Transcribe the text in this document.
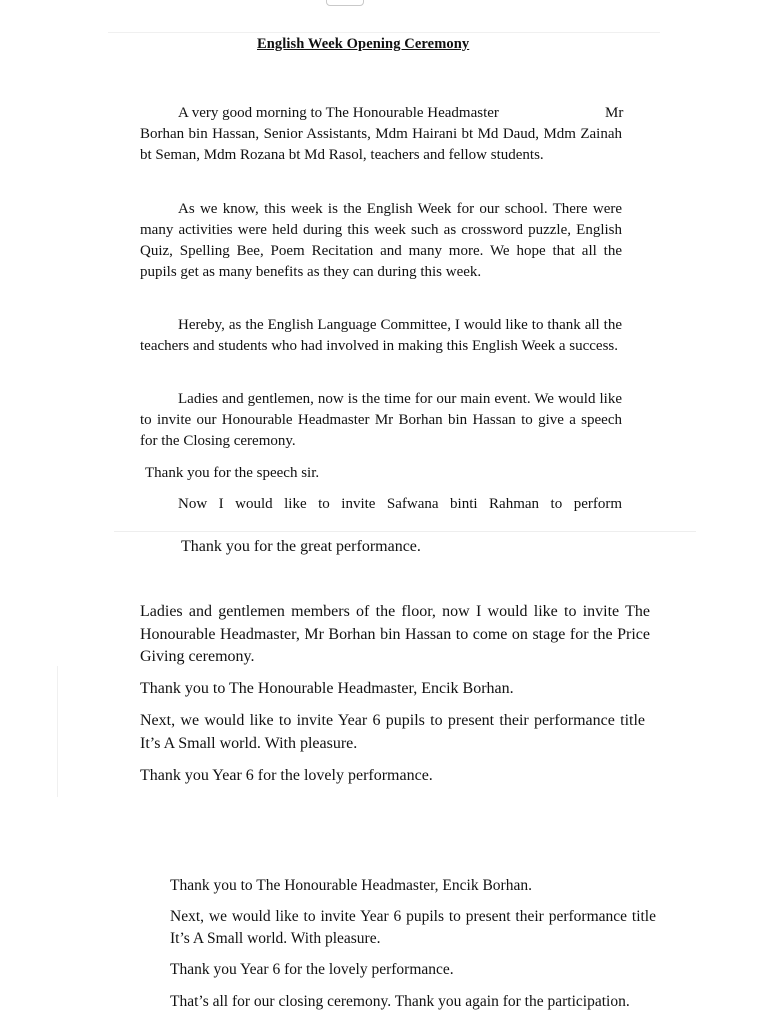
English Week Opening Ceremony

A very good morning to The Honourable Headmaster	Mr Borhan bin Hassan, Senior Assistants, Mdm Hairani bt Md Daud, Mdm Zainah bt Seman, Mdm Rozana bt Md Rasol, teachers and fellow students.

As we know, this week is the English Week for our school. There were many activities were held during this week such as crossword puzzle, English Quiz, Spelling Bee, Poem Recitation and many more. We hope that all the pupils get as many benefits as they can during this week.

Hereby, as the English Language Committee, I would like to thank all the teachers and students who had involved in making this English Week a success.

Ladies and gentlemen, now is the time for our main event. We would like to invite our Honourable Headmaster Mr Borhan bin Hassan to give a speech for the Closing ceremony.

Thank you for the speech sir.

Now I would like to invite Safwana binti Rahman to perform

Thank you for the great performance.

Ladies and gentlemen members of the floor, now I would like to invite The Honourable Headmaster, Mr Borhan bin Hassan to come on stage for the Price Giving ceremony.

Thank you to The Honourable Headmaster, Encik Borhan.

Next, we would like to invite Year 6 pupils to present their performance title It’s A Small world. With pleasure.

Thank you Year 6 for the lovely performance.

Thank you to The Honourable Headmaster, Encik Borhan.

Next, we would like to invite Year 6 pupils to present their performance title It’s A Small world. With pleasure.

Thank you Year 6 for the lovely performance.

That’s all for our closing ceremony. Thank you again for the participation.
